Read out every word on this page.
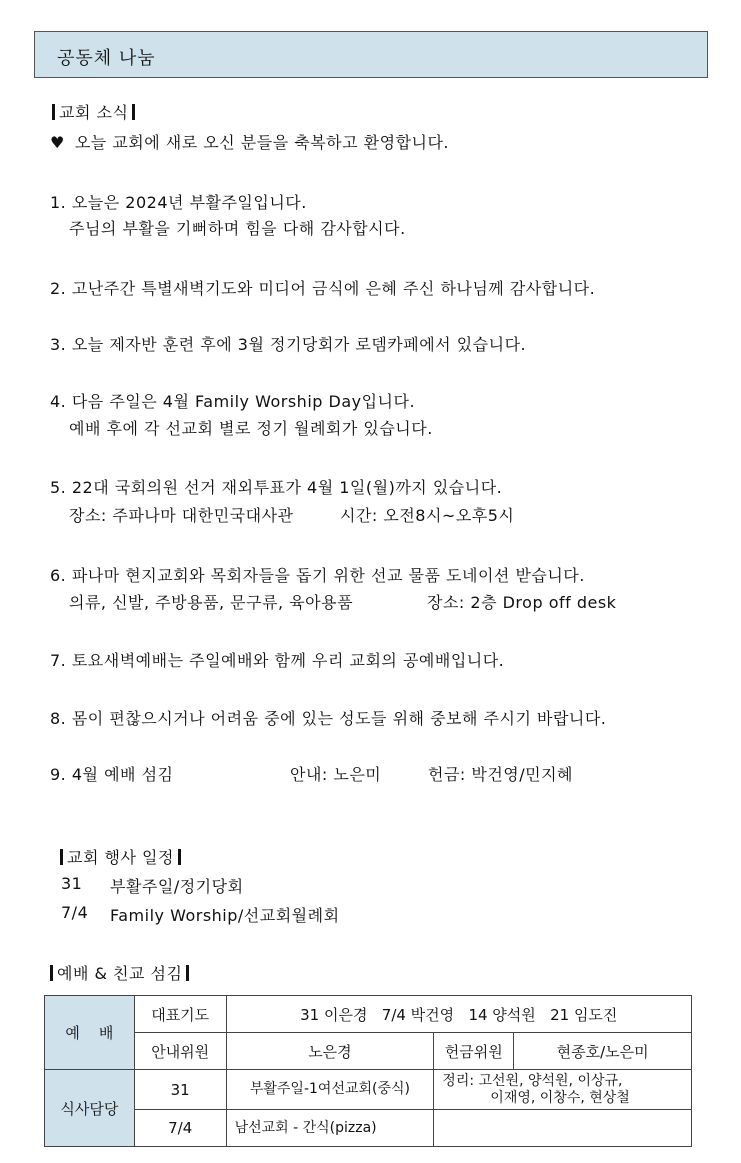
공동체 나눔
교회 소식
♥ 오늘 교회에 새로 오신 분들을 축복하고 환영합니다.
1. 오늘은 2024년 부활주일입니다.
주님의 부활을 기뻐하며 힘을 다해 감사합시다.
2. 고난주간 특별새벽기도와 미디어 금식에 은혜 주신 하나님께 감사합니다.
3. 오늘 제자반 훈련 후에 3월 정기당회가 로뎀카페에서 있습니다.
4. 다음 주일은 4월 Family Worship Day입니다.
예배 후에 각 선교회 별로 정기 월례회가 있습니다.
5. 22대 국회의원 선거 재외투표가 4월 1일(월)까지 있습니다.
장소: 주파나마 대한민국대사관	시간: 오전8시~오후5시
6. 파나마 현지교회와 목회자들을 돕기 위한 선교 물품 도네이션 받습니다.
의류, 신발, 주방용품, 문구류, 육아용품	장소: 2층 Drop off desk
7. 토요새벽예배는 주일예배와 함께 우리 교회의 공예배입니다.
8. 몸이 편찮으시거나 어려움 중에 있는 성도들 위해 중보해 주시기 바랍니다.
9. 4월 예배 섬김	안내: 노은미	헌금: 박건영/민지혜
교회 행사 일정
31 부활주일/정기당회
7/4 Family Worship/선교회월례회
예배 & 친교 섬김
예    배	대표기도	31 이은경   7/4 박건영   14 양석원   21 임도진		
	안내위원	노은경	헌금위원	현종호/노은미
식사담당	31	부활주일-1여선교회(중식)	정리: 고선원, 양석원, 이상규,
이재영, 이창수, 현상철	

	7/4	남선교회 - 간식(pizza)		
